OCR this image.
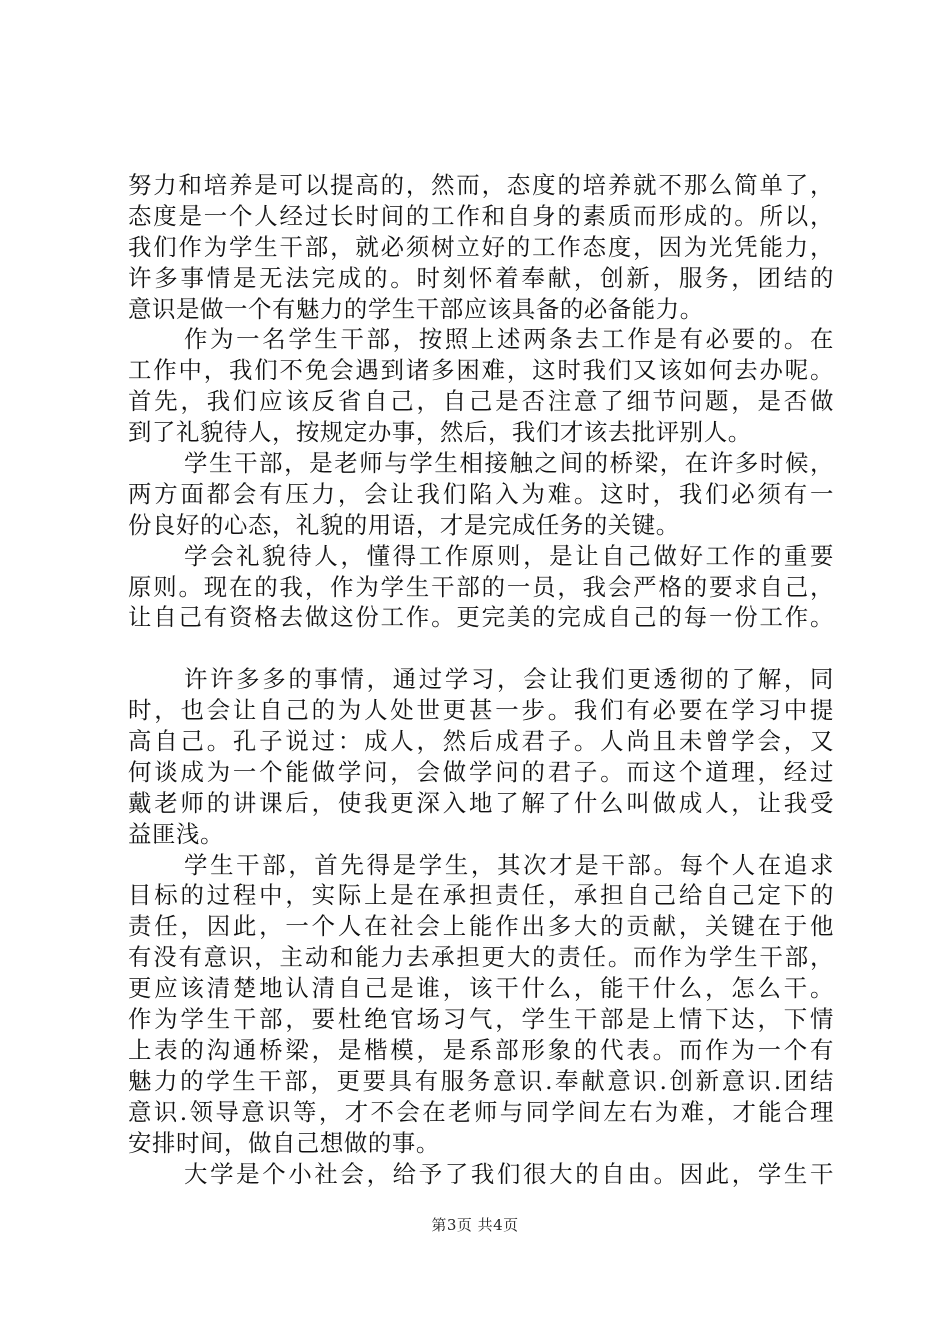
努力和培养是可以提高的，然而，态度的培养就不那么简单了，
态度是一个人经过长时间的工作和自身的素质而形成的。所以，
我们作为学生干部，就必须树立好的工作态度，因为光凭能力，
许多事情是无法完成的。时刻怀着奉献，创新，服务，团结的
意识是做一个有魅力的学生干部应该具备的必备能力。
作为一名学生干部，按照上述两条去工作是有必要的。在
工作中，我们不免会遇到诸多困难，这时我们又该如何去办呢。
首先，我们应该反省自己，自己是否注意了细节问题，是否做
到了礼貌待人，按规定办事，然后，我们才该去批评别人。
学生干部，是老师与学生相接触之间的桥梁，在许多时候，
两方面都会有压力，会让我们陷入为难。这时，我们必须有一
份良好的心态，礼貌的用语，才是完成任务的关键。
学会礼貌待人，懂得工作原则，是让自己做好工作的重要
原则。现在的我，作为学生干部的一员，我会严格的要求自己，
让自己有资格去做这份工作。更完美的完成自己的每一份工作。
许许多多的事情，通过学习，会让我们更透彻的了解，同
时，也会让自己的为人处世更甚一步。我们有必要在学习中提
高自己。孔子说过：成人，然后成君子。人尚且未曾学会，又
何谈成为一个能做学问，会做学问的君子。而这个道理，经过
戴老师的讲课后，使我更深入地了解了什么叫做成人，让我受
益匪浅。
学生干部，首先得是学生，其次才是干部。每个人在追求
目标的过程中，实际上是在承担责任，承担自己给自己定下的
责任，因此，一个人在社会上能作出多大的贡献，关键在于他
有没有意识，主动和能力去承担更大的责任。而作为学生干部，
更应该清楚地认清自己是谁，该干什么，能干什么，怎么干。
作为学生干部，要杜绝官场习气，学生干部是上情下达，下情
上表的沟通桥梁，是楷模，是系部形象的代表。而作为一个有
魅力的学生干部，更要具有服务意识.奉献意识.创新意识.团结
意识.领导意识等，才不会在老师与同学间左右为难，才能合理
安排时间，做自己想做的事。
大学是个小社会，给予了我们很大的自由。因此，学生干
第3页 共4页
